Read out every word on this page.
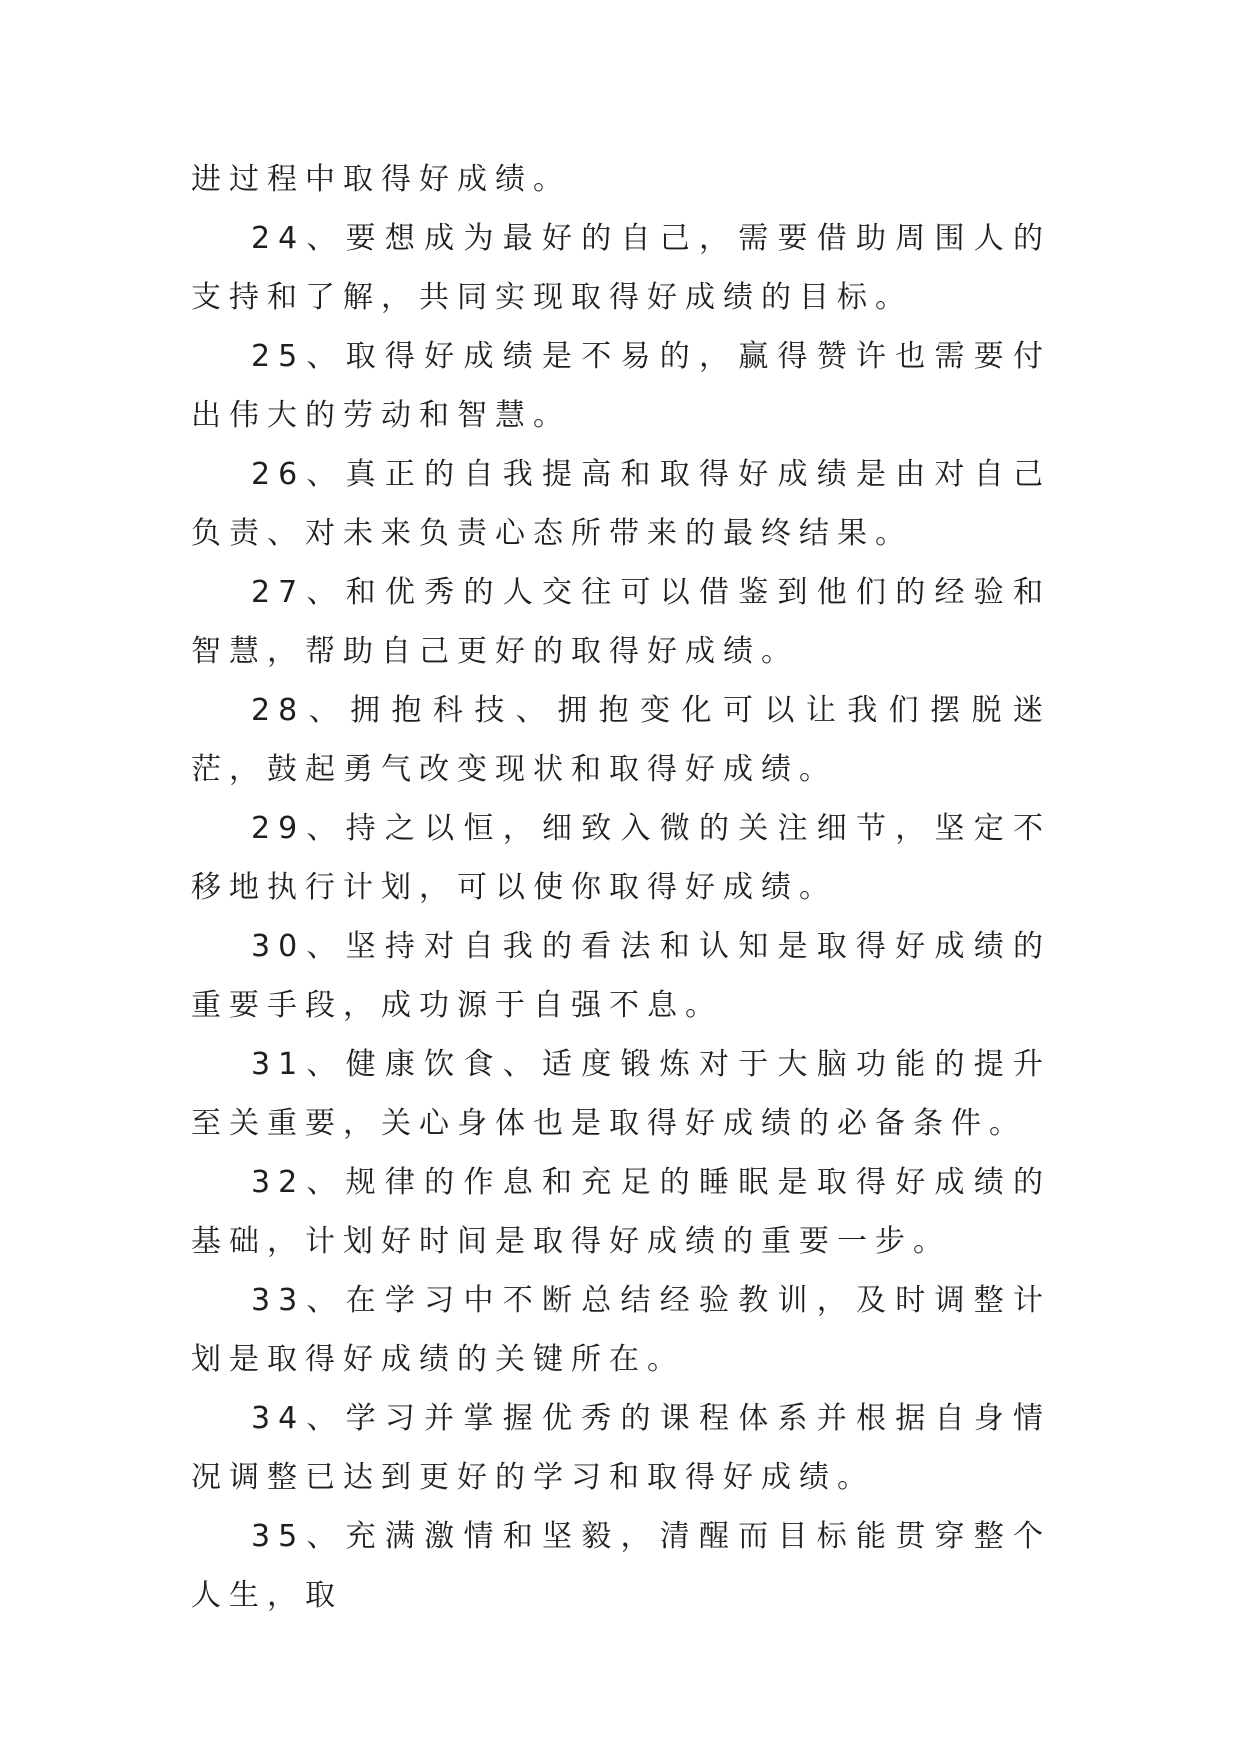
进过程中取得好成绩。

24、要想成为最好的自己，需要借助周围人的支持和了解，共同实现取得好成绩的目标。

25、取得好成绩是不易的，赢得赞许也需要付出伟大的劳动和智慧。

26、真正的自我提高和取得好成绩是由对自己负责、对未来负责心态所带来的最终结果。

27、和优秀的人交往可以借鉴到他们的经验和智慧，帮助自己更好的取得好成绩。

28、拥抱科技、拥抱变化可以让我们摆脱迷茫，鼓起勇气改变现状和取得好成绩。

29、持之以恒，细致入微的关注细节，坚定不移地执行计划，可以使你取得好成绩。

30、坚持对自我的看法和认知是取得好成绩的重要手段，成功源于自强不息。

31、健康饮食、适度锻炼对于大脑功能的提升至关重要，关心身体也是取得好成绩的必备条件。

32、规律的作息和充足的睡眠是取得好成绩的基础，计划好时间是取得好成绩的重要一步。

33、在学习中不断总结经验教训，及时调整计划是取得好成绩的关键所在。

34、学习并掌握优秀的课程体系并根据自身情况调整已达到更好的学习和取得好成绩。

35、充满激情和坚毅，清醒而目标能贯穿整个人生，取
